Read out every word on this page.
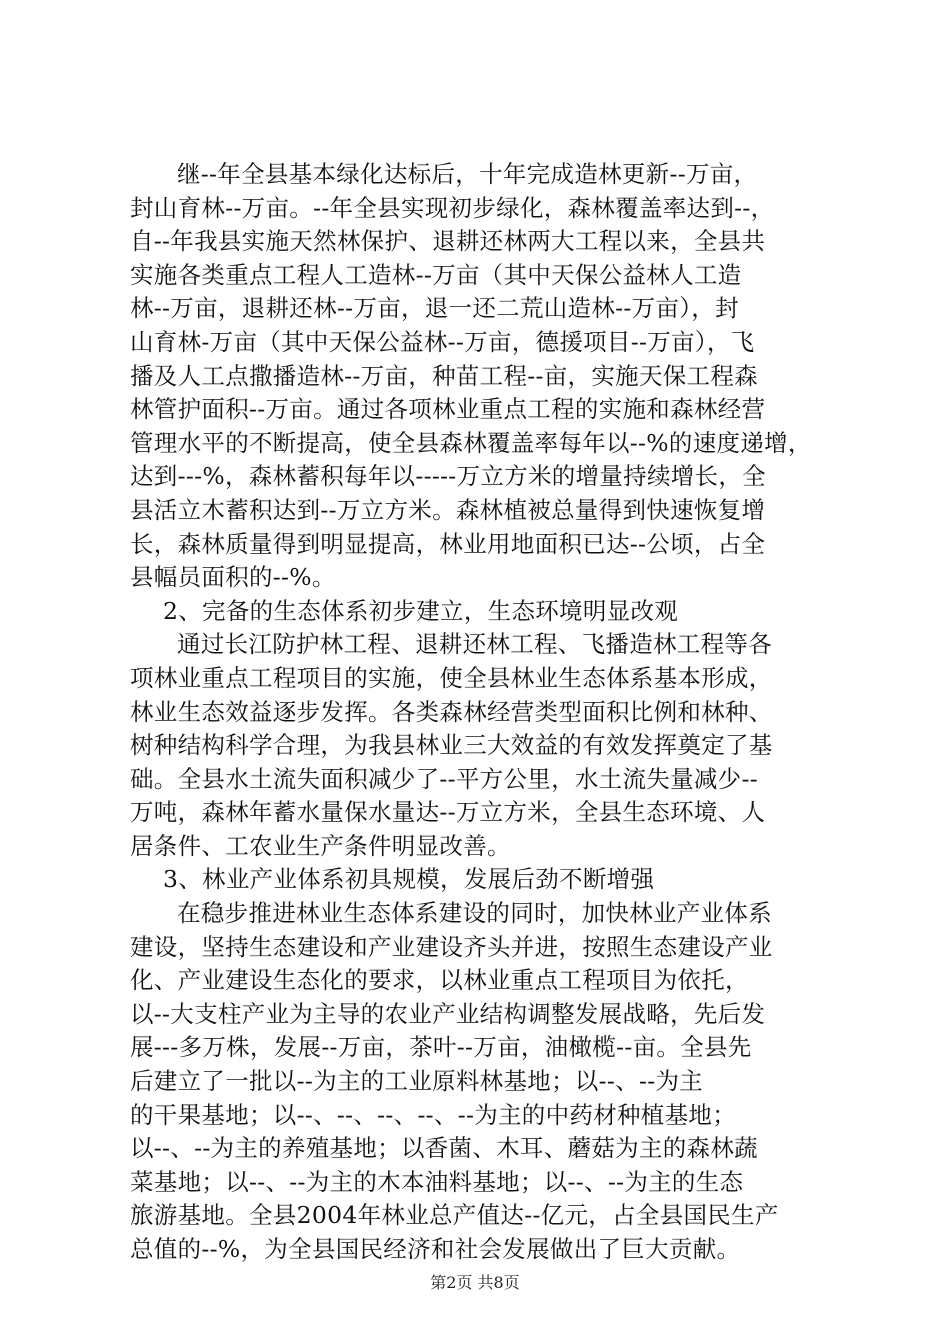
继--年全县基本绿化达标后，十年完成造林更新--万亩，
封山育林--万亩。--年全县实现初步绿化，森林覆盖率达到--，
自--年我县实施天然林保护、退耕还林两大工程以来，全县共
实施各类重点工程人工造林--万亩（其中天保公益林人工造
林--万亩，退耕还林--万亩，退一还二荒山造林--万亩），封
山育林-万亩（其中天保公益林--万亩，德援项目--万亩），飞
播及人工点撒播造林--万亩，种苗工程--亩，实施天保工程森
林管护面积--万亩。通过各项林业重点工程的实施和森林经营
管理水平的不断提高，使全县森林覆盖率每年以--%的速度递增，
达到---%，森林蓄积每年以-----万立方米的增量持续增长，全
县活立木蓄积达到--万立方米。森林植被总量得到快速恢复增
长，森林质量得到明显提高，林业用地面积已达--公顷，占全
县幅员面积的--%。
2、完备的生态体系初步建立，生态环境明显改观
通过长江防护林工程、退耕还林工程、飞播造林工程等各
项林业重点工程项目的实施，使全县林业生态体系基本形成，
林业生态效益逐步发挥。各类森林经营类型面积比例和林种、
树种结构科学合理，为我县林业三大效益的有效发挥奠定了基
础。全县水土流失面积减少了--平方公里，水土流失量减少--
万吨，森林年蓄水量保水量达--万立方米，全县生态环境、人
居条件、工农业生产条件明显改善。
3、林业产业体系初具规模，发展后劲不断增强
在稳步推进林业生态体系建设的同时，加快林业产业体系
建设，坚持生态建设和产业建设齐头并进，按照生态建设产业
化、产业建设生态化的要求，以林业重点工程项目为依托，
以--大支柱产业为主导的农业产业结构调整发展战略，先后发
展---多万株，发展--万亩，茶叶--万亩，油橄榄--亩。全县先
后建立了一批以--为主的工业原料林基地；以--、--为主
的干果基地；以--、--、--、--、--为主的中药材种植基地；
以--、--为主的养殖基地；以香菌、木耳、蘑菇为主的森林蔬
菜基地；以--、--为主的木本油料基地；以--、--为主的生态
旅游基地。全县2004年林业总产值达--亿元，占全县国民生产
总值的--%，为全县国民经济和社会发展做出了巨大贡献。
第2页 共8页
